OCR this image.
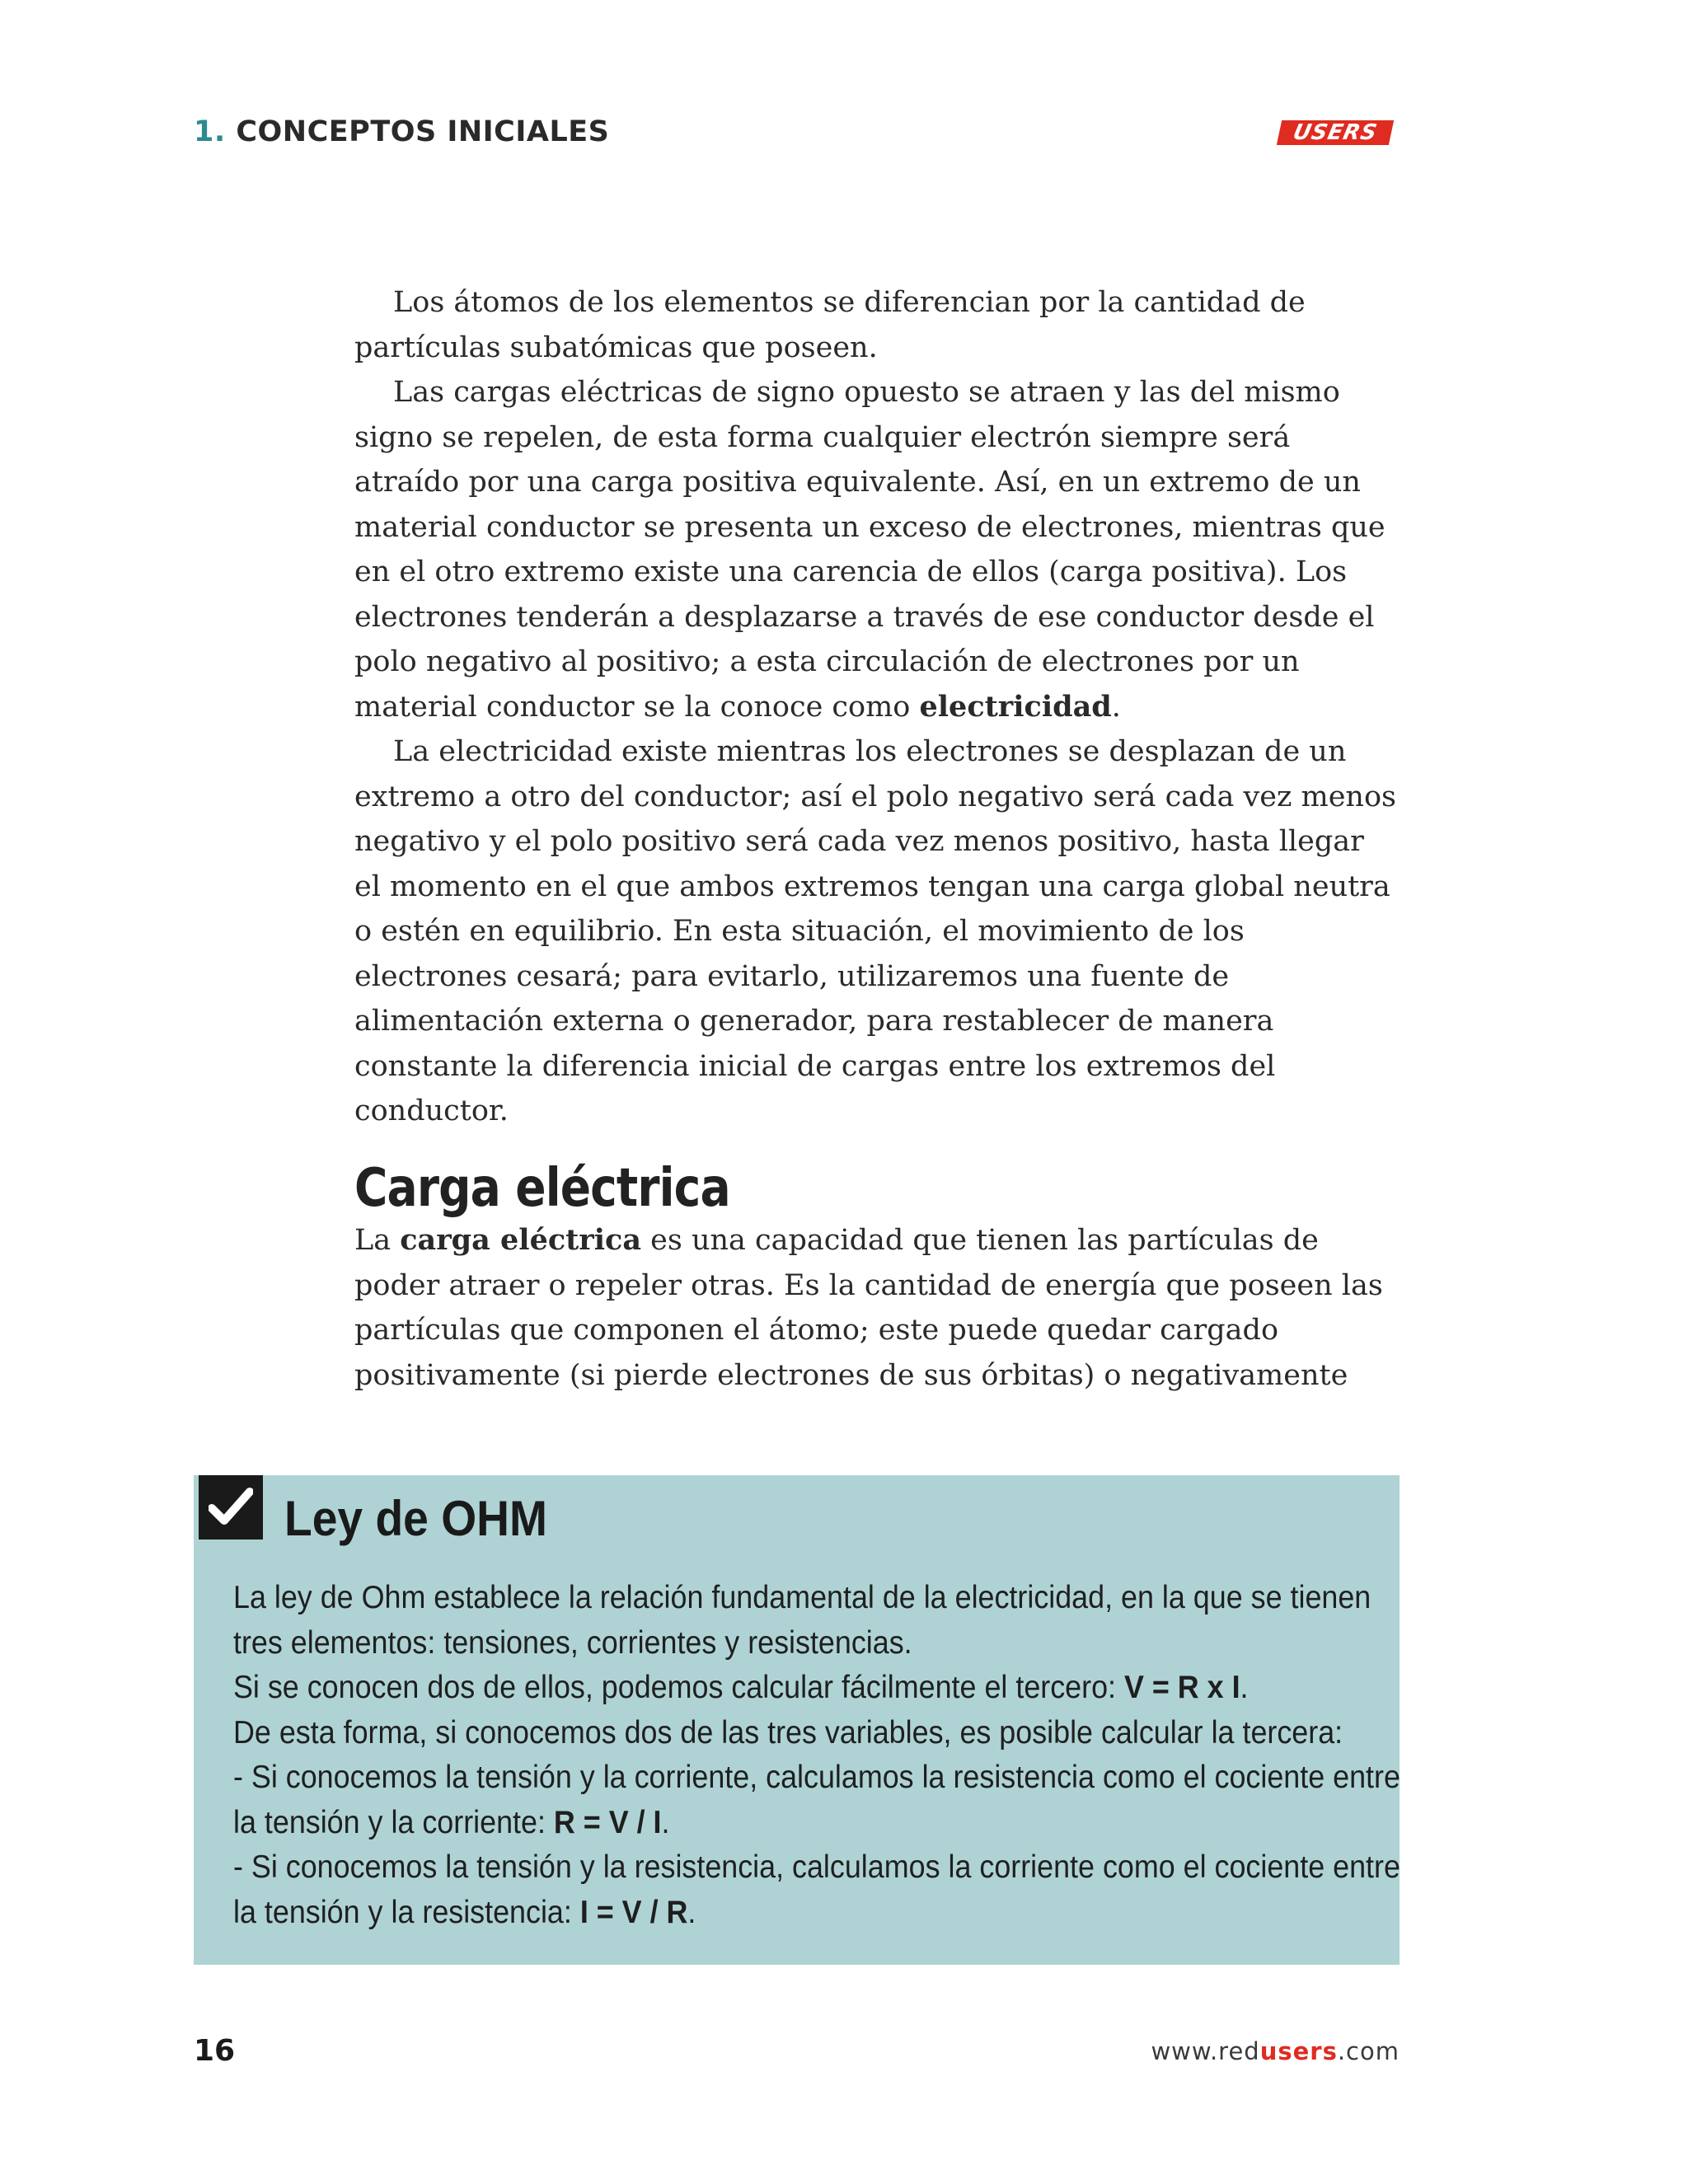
1. CONCEPTOS INICIALES	USERS

Los átomos de los elementos se diferencian por la cantidad de partículas subatómicas que poseen.

Las cargas eléctricas de signo opuesto se atraen y las del mismo signo se repelen, de esta forma cualquier electrón siempre será atraído por una carga positiva equivalente. Así, en un extremo de un material conductor se presenta un exceso de electrones, mientras que en el otro extremo existe una carencia de ellos (carga positiva). Los electrones tenderán a desplazarse a través de ese conductor desde el polo negativo al positivo; a esta circulación de electrones por un material conductor se la conoce como electricidad.

La electricidad existe mientras los electrones se desplazan de un extremo a otro del conductor; así el polo negativo será cada vez menos negativo y el polo positivo será cada vez menos positivo, hasta llegar el momento en el que ambos extremos tengan una carga global neutra o estén en equilibrio. En esta situación, el movimiento de los electrones cesará; para evitarlo, utilizaremos una fuente de alimentación externa o generador, para restablecer de manera constante la diferencia inicial de cargas entre los extremos del conductor.

Carga eléctrica

La carga eléctrica es una capacidad que tienen las partículas de poder atraer o repeler otras. Es la cantidad de energía que poseen las partículas que componen el átomo; este puede quedar cargado positivamente (si pierde electrones de sus órbitas) o negativamente

Ley de OHM

La ley de Ohm establece la relación fundamental de la electricidad, en la que se tienen tres elementos: tensiones, corrientes y resistencias.

Si se conocen dos de ellos, podemos calcular fácilmente el tercero: V = R x I.

De esta forma, si conocemos dos de las tres variables, es posible calcular la tercera:

- Si conocemos la tensión y la corriente, calculamos la resistencia como el cociente entre la tensión y la corriente: R = V / I.

- Si conocemos la tensión y la resistencia, calculamos la corriente como el cociente entre la tensión y la resistencia: I = V / R.

16	www.redusers.com
